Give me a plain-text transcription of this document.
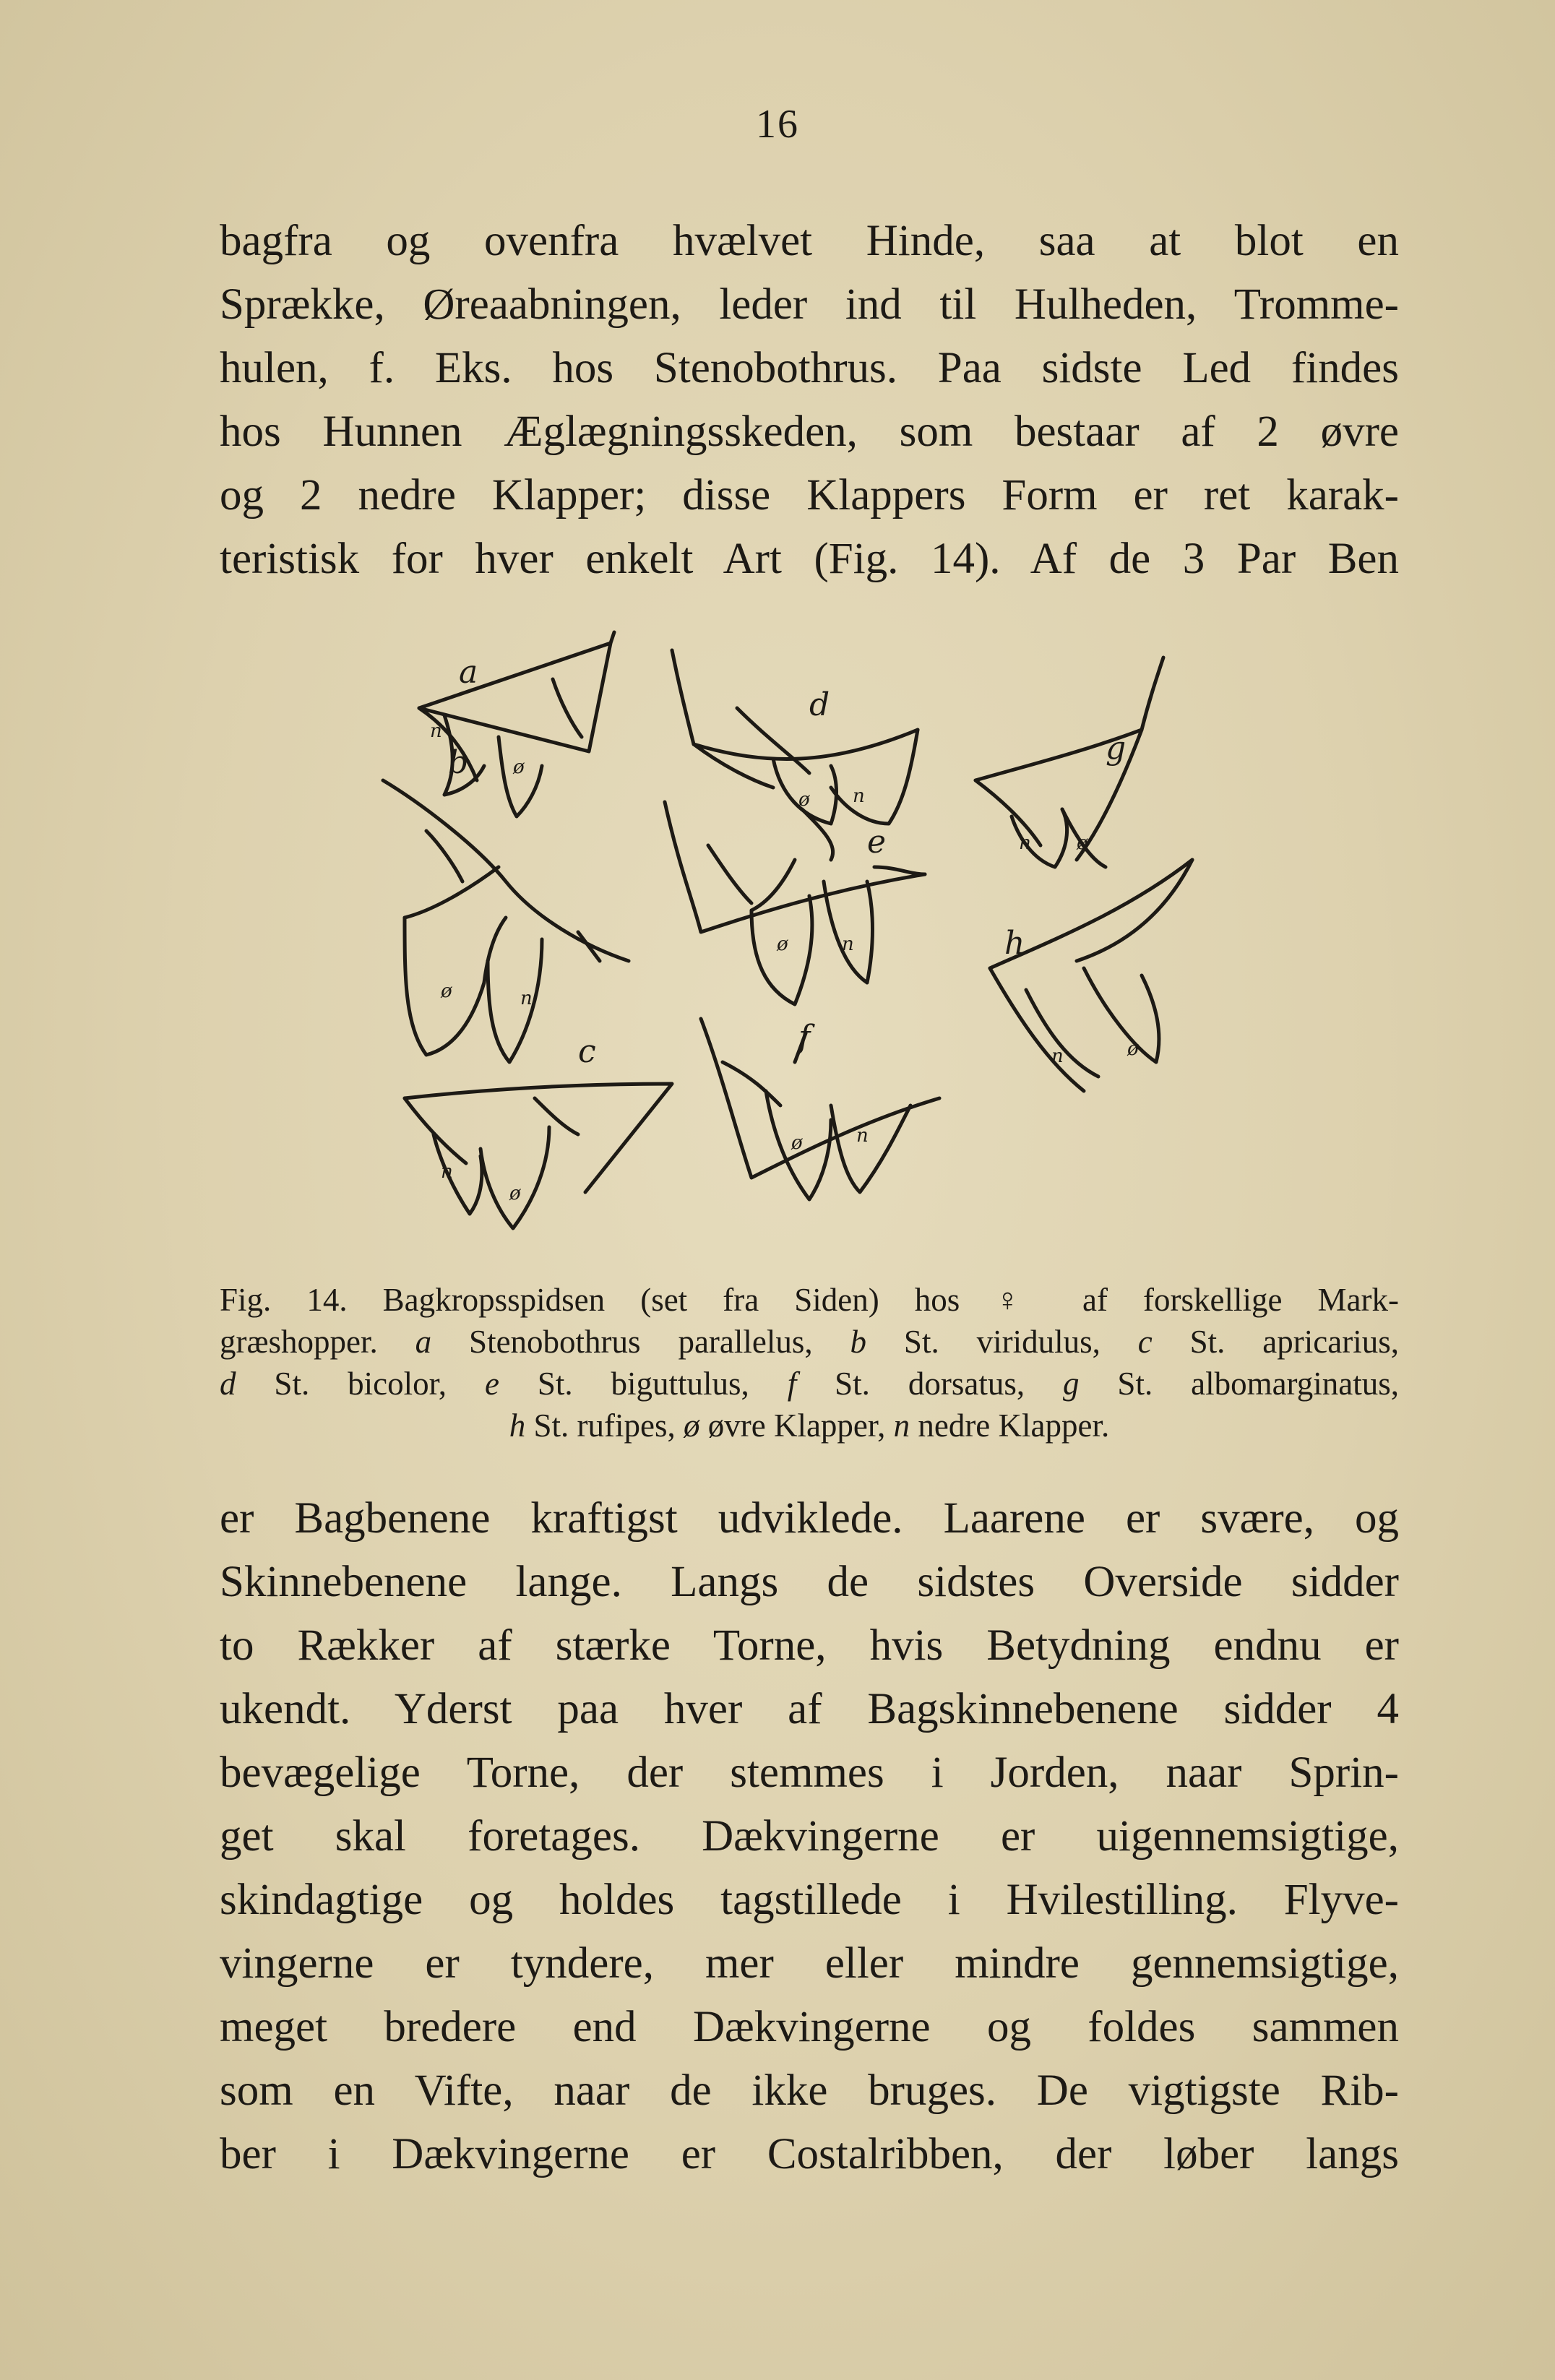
16
bagfra og ovenfra hvælvet Hinde, saa at blot en
Sprække, Øreaabningen, leder ind til Hulheden, Tromme-
hulen, f. Eks. hos Stenobothrus. Paa sidste Led findes
hos Hunnen Æglægningsskeden, som bestaar af 2 øvre
og 2 nedre Klapper; disse Klappers Form er ret karak-
teristisk for hver enkelt Art (Fig. 14). Af de 3 Par Ben
a
n
ø
b
ø	n
c
n
ø
d
ø n
e
ø	n
f
ø	n
g
n ø
h
n	ø
Fig. 14. Bagkropsspidsen (set fra Siden) hos ♀ af forskellige Mark-
græshopper. a Stenobothrus parallelus, b St. viridulus, c St. apricarius,
d St. bicolor, e St. biguttulus, f St. dorsatus, g St. albomarginatus,
h St. rufipes, ø øvre Klapper, n nedre Klapper.
er Bagbenene kraftigst udviklede. Laarene er svære, og
Skinnebenene lange. Langs de sidstes Overside sidder
to Rækker af stærke Torne, hvis Betydning endnu er
ukendt. Yderst paa hver af Bagskinnebenene sidder 4
bevægelige Torne, der stemmes i Jorden, naar Sprin-
get skal foretages. Dækvingerne er uigennemsigtige,
skindagtige og holdes tagstillede i Hvilestilling. Flyve-
vingerne er tyndere, mer eller mindre gennemsigtige,
meget bredere end Dækvingerne og foldes sammen
som en Vifte, naar de ikke bruges. De vigtigste Rib-
ber i Dækvingerne er Costalribben, der løber langs
